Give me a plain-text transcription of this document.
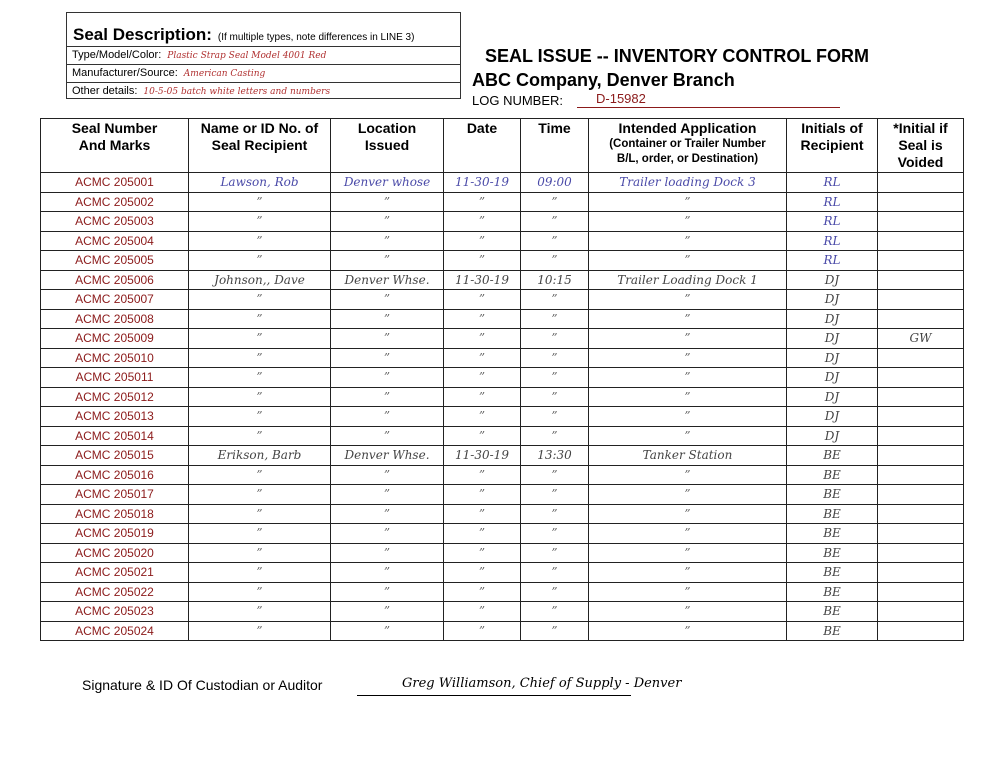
Seal Description: (If multiple types, note differences in LINE 3)
Type/Model/Color: Plastic Strap Seal Model 4001 Red
Manufacturer/Source: American Casting
Other details: 10-5-05 batch white letters and numbers
SEAL ISSUE -- INVENTORY CONTROL FORM
ABC Company, Denver Branch
LOG NUMBER:	D-15982
Seal Number And Marks	Name or ID No. of Seal Recipient	Location Issued	Date	Time	Intended Application
(Container or Trailer Number B/L, order, or Destination)	Initials of Recipient	*Initial if Seal is Voided
ACMC 205001	Lawson, Rob	Denver whose	11-30-19	09:00	Trailer loading Dock 3	RL	
ACMC 205002	”	”	”	”	”	RL	
ACMC 205003	”	”	”	”	”	RL	
ACMC 205004	”	”	”	”	”	RL	
ACMC 205005	”	”	”	”	”	RL	
ACMC 205006	Johnson,, Dave	Denver Whse.	11-30-19	10:15	Trailer Loading Dock 1	DJ	
ACMC 205007	”	”	”	”	”	DJ	
ACMC 205008	”	”	”	”	”	DJ	
ACMC 205009	”	”	”	”	”	DJ	GW
ACMC 205010	”	”	”	”	”	DJ	
ACMC 205011	”	”	”	”	”	DJ	
ACMC 205012	”	”	”	”	”	DJ	
ACMC 205013	”	”	”	”	”	DJ	
ACMC 205014	”	”	”	”	”	DJ	
ACMC 205015	Erikson, Barb	Denver Whse.	11-30-19	13:30	Tanker Station	BE	
ACMC 205016	”	”	”	”	”	BE	
ACMC 205017	”	”	”	”	”	BE	
ACMC 205018	”	”	”	”	”	BE	
ACMC 205019	”	”	”	”	”	BE	
ACMC 205020	”	”	”	”	”	BE	
ACMC 205021	”	”	”	”	”	BE	
ACMC 205022	”	”	”	”	”	BE	
ACMC 205023	”	”	”	”	”	BE	
ACMC 205024	”	”	”	”	”	BE	
Signature & ID Of Custodian or Auditor	Greg Williamson, Chief of Supply - Denver
